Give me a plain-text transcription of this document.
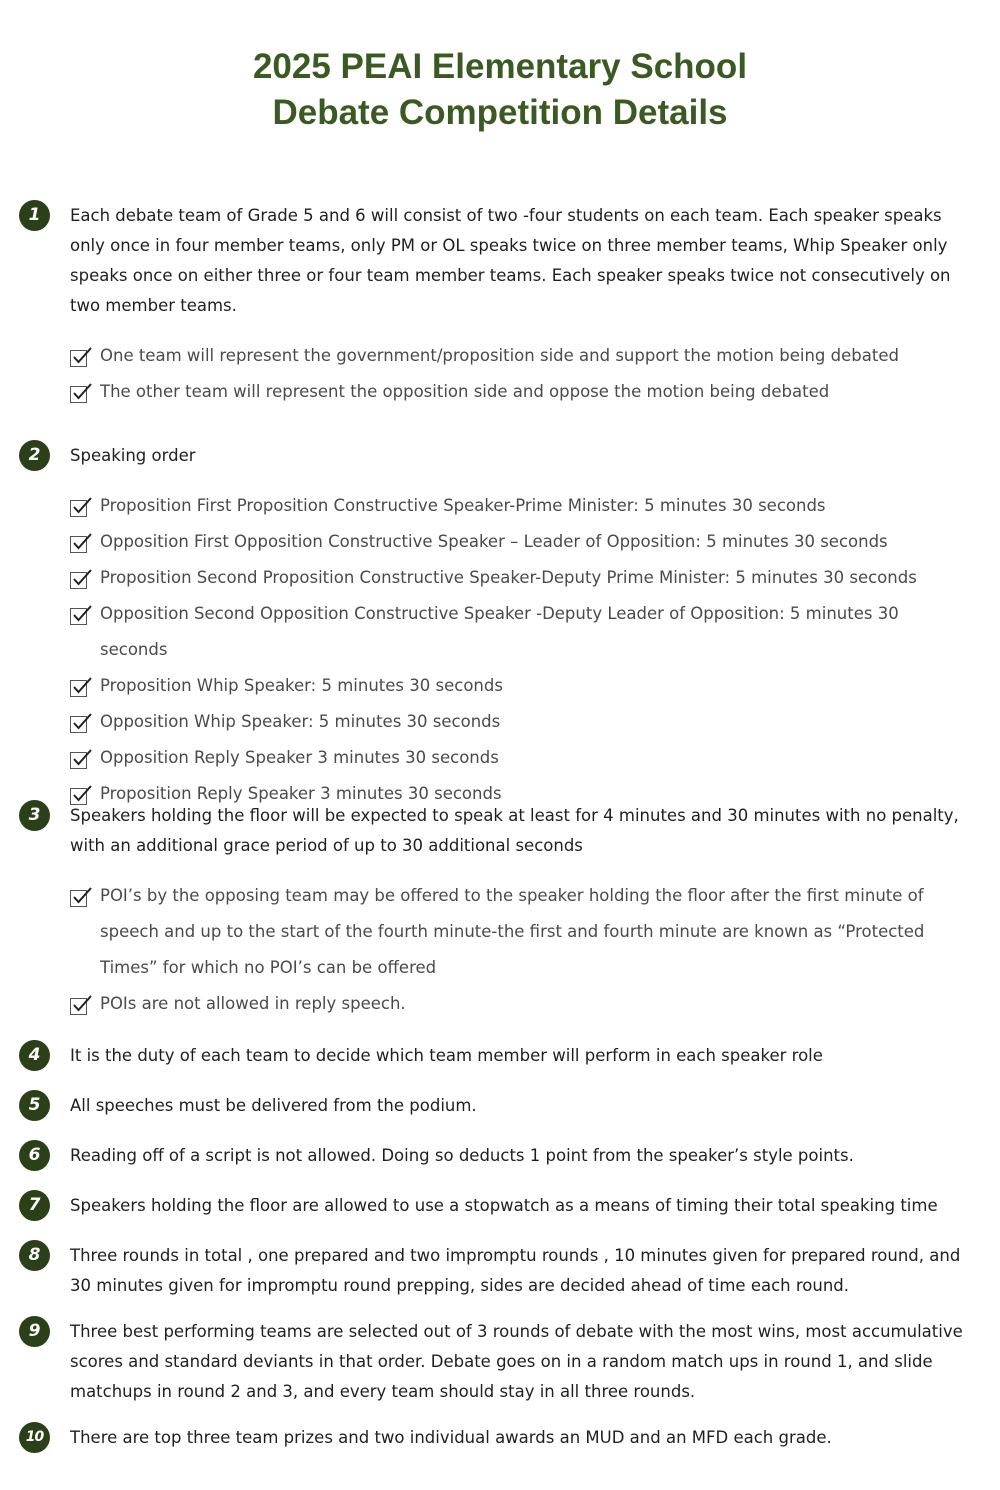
2025 PEAI Elementary School
Debate Competition Details
1	Each debate team of Grade 5 and 6 will consist of two -four students on each team. Each speaker speaks only once in four member teams, only PM or OL speaks twice on three member teams, Whip Speaker only speaks once on either three or four team member teams. Each speaker speaks twice not consecutively on two member teams.
One team will represent the government/proposition side and support the motion being debated
The other team will represent the opposition side and oppose the motion being debated
2	Speaking order
Proposition First Proposition Constructive Speaker-Prime Minister: 5 minutes 30 seconds
Opposition First Opposition Constructive Speaker – Leader of Opposition: 5 minutes 30 seconds
Proposition Second Proposition Constructive Speaker-Deputy Prime Minister: 5 minutes 30 seconds
Opposition Second Opposition Constructive Speaker -Deputy Leader of Opposition: 5 minutes 30 seconds
Proposition Whip Speaker: 5 minutes 30 seconds
Opposition Whip Speaker: 5 minutes 30 seconds
Opposition Reply Speaker 3 minutes 30 seconds
Proposition Reply Speaker 3 minutes 30 seconds
3	Speakers holding the floor will be expected to speak at least for 4 minutes and 30 minutes with no penalty, with an additional grace period of up to 30 additional seconds
POI’s by the opposing team may be offered to the speaker holding the floor after the first minute of speech and up to the start of the fourth minute-the first and fourth minute are known as “Protected Times” for which no POI’s can be offered
POIs are not allowed in reply speech.
4	It is the duty of each team to decide which team member will perform in each speaker role
5	All speeches must be delivered from the podium.
6	Reading off of a script is not allowed. Doing so deducts 1 point from the speaker’s style points.
7	Speakers holding the floor are allowed to use a stopwatch as a means of timing their total speaking time
8	Three rounds in total , one prepared and two impromptu rounds , 10 minutes given for prepared round, and 30 minutes given for impromptu round prepping, sides are decided ahead of time each round.
9	Three best performing teams are selected out of 3 rounds of debate with the most wins, most accumulative scores and standard deviants in that order. Debate goes on in a random match ups in round 1, and slide matchups in round 2 and 3, and every team should stay in all three rounds.
10	There are top three team prizes and two individual awards an MUD and an MFD each grade.
